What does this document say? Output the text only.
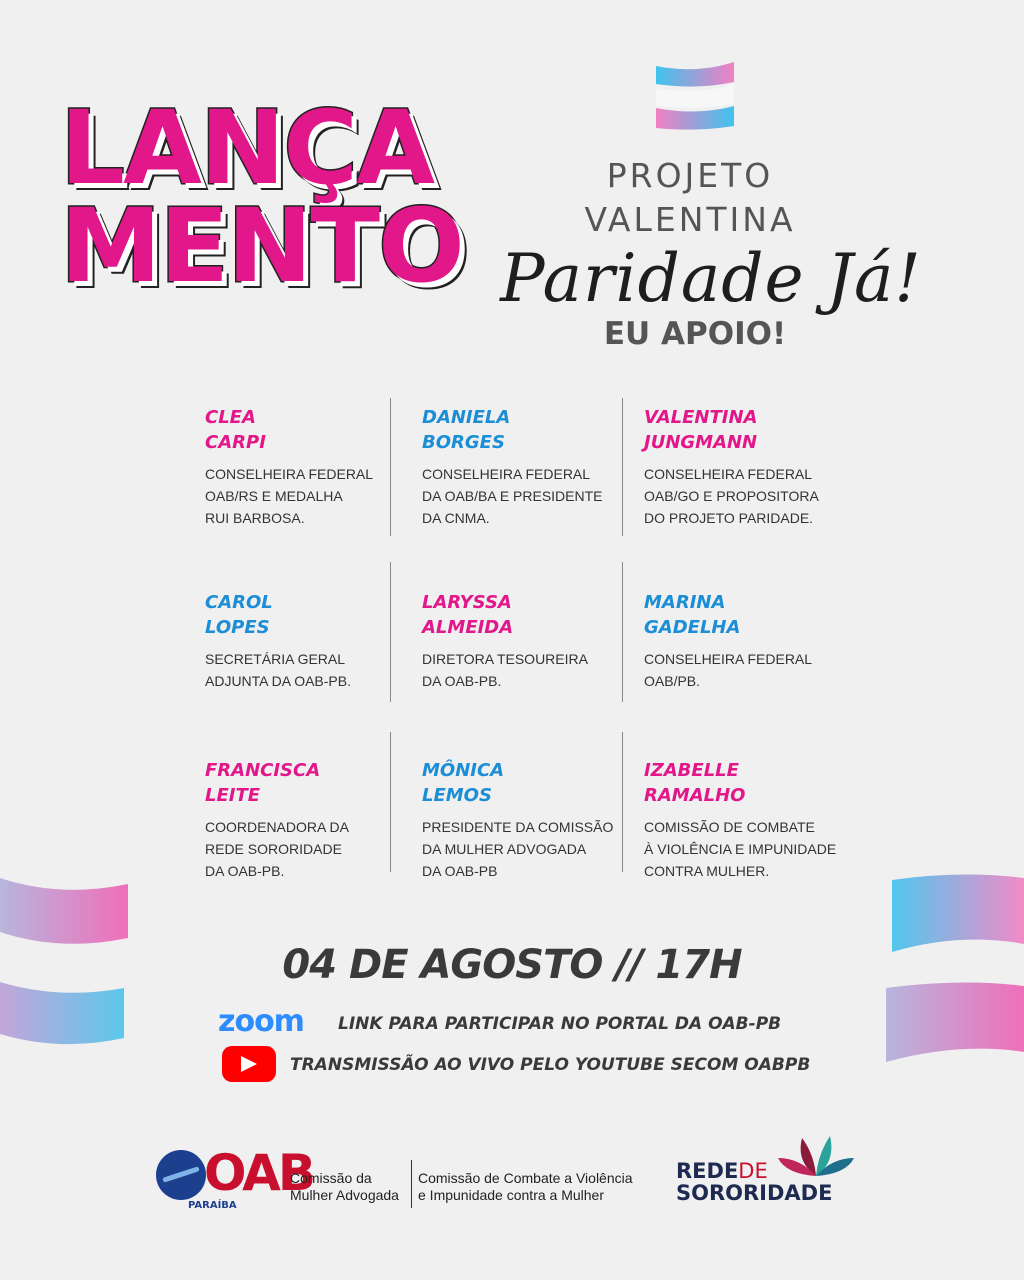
LANÇA
MENTO
PROJETO
VALENTINA
Paridade Já!
EU APOIO!
CLEA
CARPI
CONSELHEIRA FEDERAL
OAB/RS E MEDALHA
RUI BARBOSA.
DANIELA
BORGES
CONSELHEIRA FEDERAL
DA OAB/BA E PRESIDENTE
DA CNMA.
VALENTINA
JUNGMANN
CONSELHEIRA FEDERAL
OAB/GO E PROPOSITORA
DO PROJETO PARIDADE.
CAROL
LOPES
SECRETÁRIA GERAL
ADJUNTA DA OAB-PB.
LARYSSA
ALMEIDA
DIRETORA TESOUREIRA
DA OAB-PB.
MARINA
GADELHA
CONSELHEIRA FEDERAL
OAB/PB.
FRANCISCA
LEITE
COORDENADORA DA
REDE SORORIDADE
DA OAB-PB.
MÔNICA
LEMOS
PRESIDENTE DA COMISSÃO
DA MULHER ADVOGADA
DA OAB-PB
IZABELLE
RAMALHO
COMISSÃO DE COMBATE
À VIOLÊNCIA E IMPUNIDADE
CONTRA MULHER.
04 DE AGOSTO // 17H
zoom LINK PARA PARTICIPAR NO PORTAL DA OAB-PB
TRANSMISSÃO AO VIVO PELO YOUTUBE SECOM OABPB
OAB
PARAÍBA
Comissão da
Mulher Advogada
Comissão de Combate a Violência
e Impunidade contra a Mulher
REDEDE
SORORIDADE
